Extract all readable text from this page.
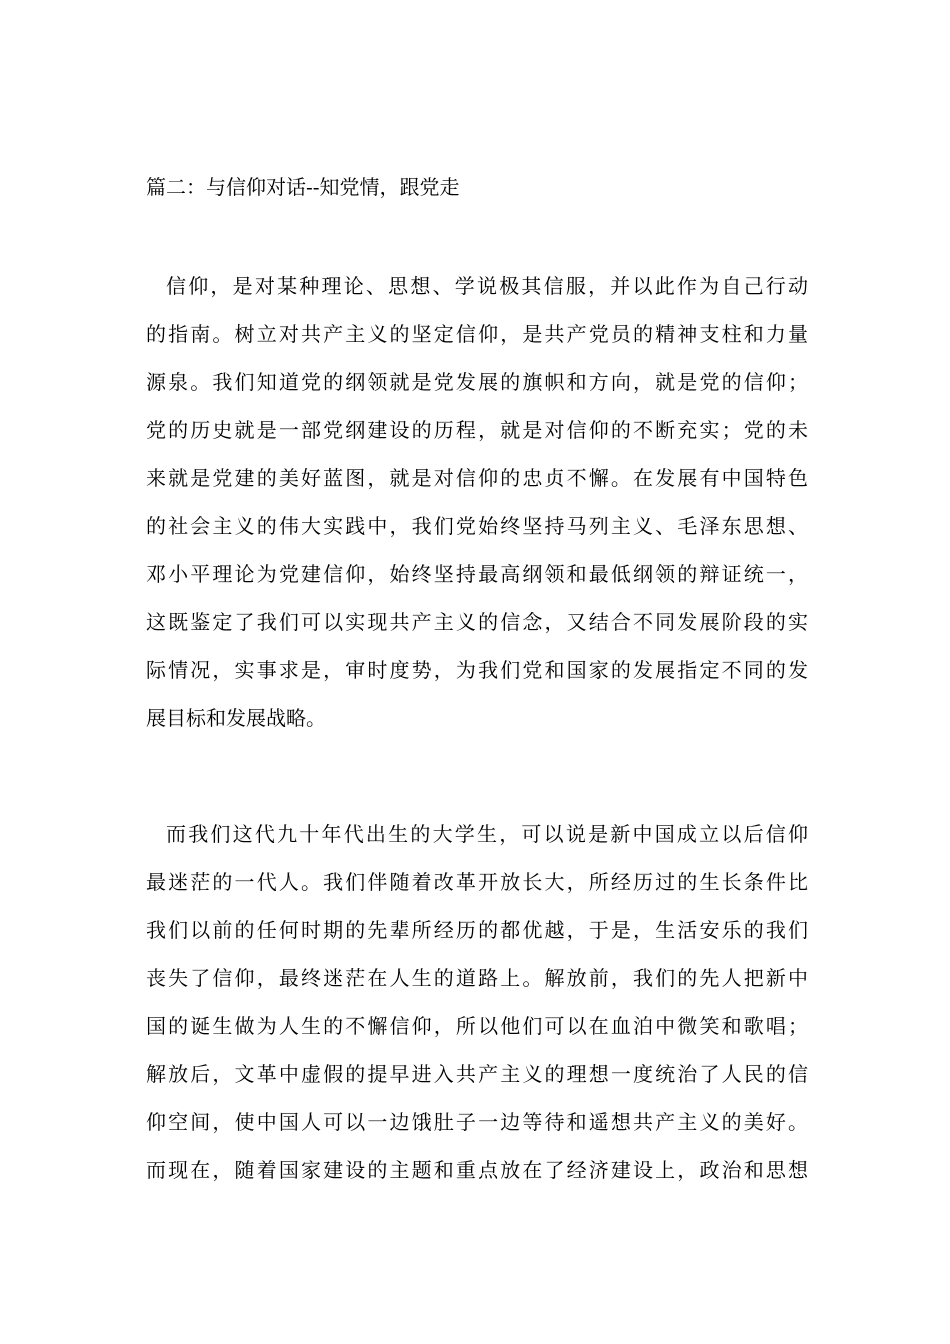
篇二：与信仰对话--知党情，跟党走
信仰，是对某种理论、思想、学说极其信服，并以此作为自己行动
的指南。树立对共产主义的坚定信仰，是共产党员的精神支柱和力量
源泉。我们知道党的纲领就是党发展的旗帜和方向，就是党的信仰；
党的历史就是一部党纲建设的历程，就是对信仰的不断充实；党的未
来就是党建的美好蓝图，就是对信仰的忠贞不懈。在发展有中国特色
的社会主义的伟大实践中，我们党始终坚持马列主义、毛泽东思想、
邓小平理论为党建信仰，始终坚持最高纲领和最低纲领的辩证统一，
这既鉴定了我们可以实现共产主义的信念，又结合不同发展阶段的实
际情况，实事求是，审时度势，为我们党和国家的发展指定不同的发
展目标和发展战略。
而我们这代九十年代出生的大学生，可以说是新中国成立以后信仰
最迷茫的一代人。我们伴随着改革开放长大，所经历过的生长条件比
我们以前的任何时期的先辈所经历的都优越，于是，生活安乐的我们
丧失了信仰，最终迷茫在人生的道路上。解放前，我们的先人把新中
国的诞生做为人生的不懈信仰，所以他们可以在血泊中微笑和歌唱；
解放后，文革中虚假的提早进入共产主义的理想一度统治了人民的信
仰空间，使中国人可以一边饿肚子一边等待和遥想共产主义的美好。
而现在，随着国家建设的主题和重点放在了经济建设上，政治和思想
